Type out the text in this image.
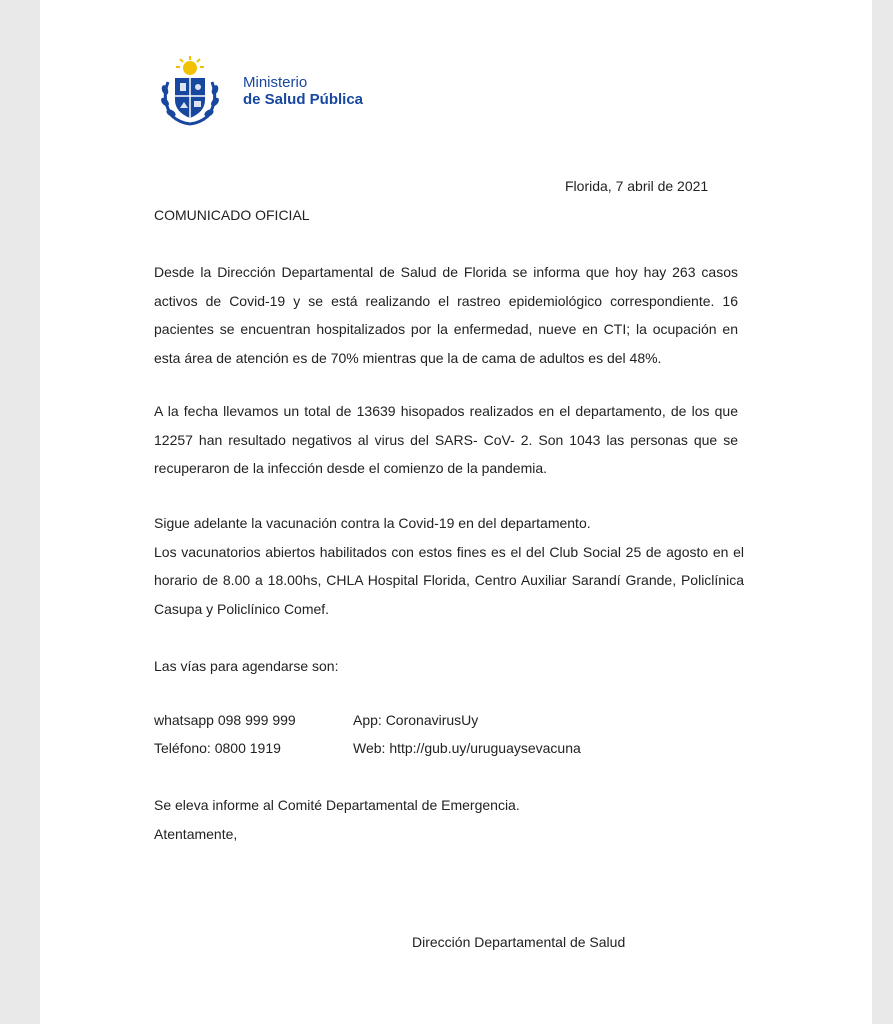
Ministerio
de Salud Pública
Florida, 7 abril de 2021
COMUNICADO OFICIAL
Desde la Dirección Departamental de Salud de Florida se informa que hoy hay 263 casos activos de Covid-19 y se está realizando el rastreo epidemiológico correspondiente. 16 pacientes se encuentran hospitalizados por la enfermedad, nueve en CTI; la ocupación en esta área de atención es de 70% mientras que la de cama de adultos es del 48%.
A la fecha llevamos un total de 13639 hisopados realizados en el departamento, de los que 12257 han resultado negativos al virus del SARS- CoV- 2. Son 1043 las personas que se recuperaron de la infección desde el comienzo de la pandemia.

Sigue adelante la vacunación contra la Covid-19 en del departamento.

Los vacunatorios abiertos habilitados con estos fines es el del Club Social 25 de agosto en el horario de 8.00 a 18.00hs, CHLA Hospital Florida, Centro Auxiliar Sarandí Grande, Policlínica Casupa y Policlínico Comef.

Las vías para agendarse son:
whatsapp 098 999 999	App: CoronavirusUy
Teléfono: 0800 1919	Web: http://gub.uy/uruguaysevacuna
Se eleva informe al Comité Departamental de Emergencia.
Atentamente,
Dirección Departamental de Salud
